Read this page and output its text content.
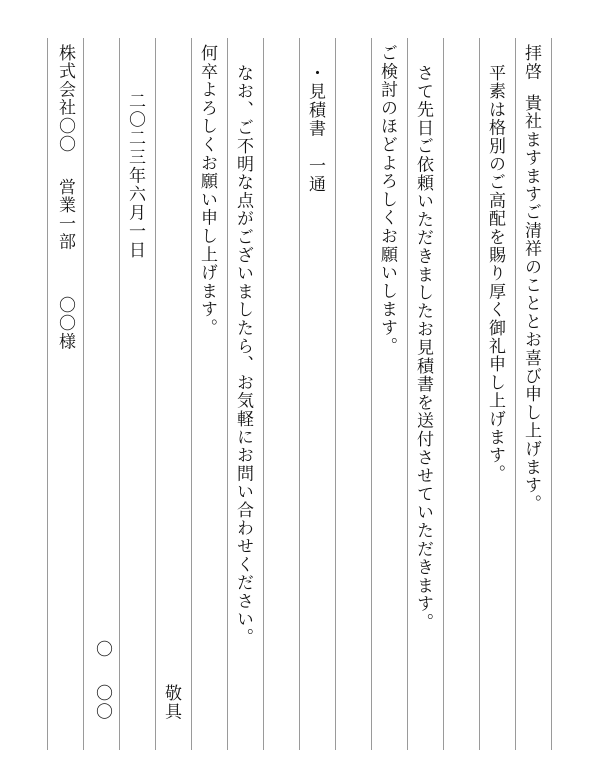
拝啓
貴社ますますご清祥のこととお喜び申し上げます。
平素は格別のご高配を賜り厚く御礼申し上げます。
さて先日ご依頼いただきましたお見積書を送付させていただきます。
ご検討のほどよろしくお願いします。
・見積書　一通
なお、ご不明な点がございましたら、お気軽にお問い合わせください。
何卒よろしくお願い申し上げます。
敬具
二〇二三年六月一日
〇
〇〇
株式会社〇〇
営業一部
〇〇様
